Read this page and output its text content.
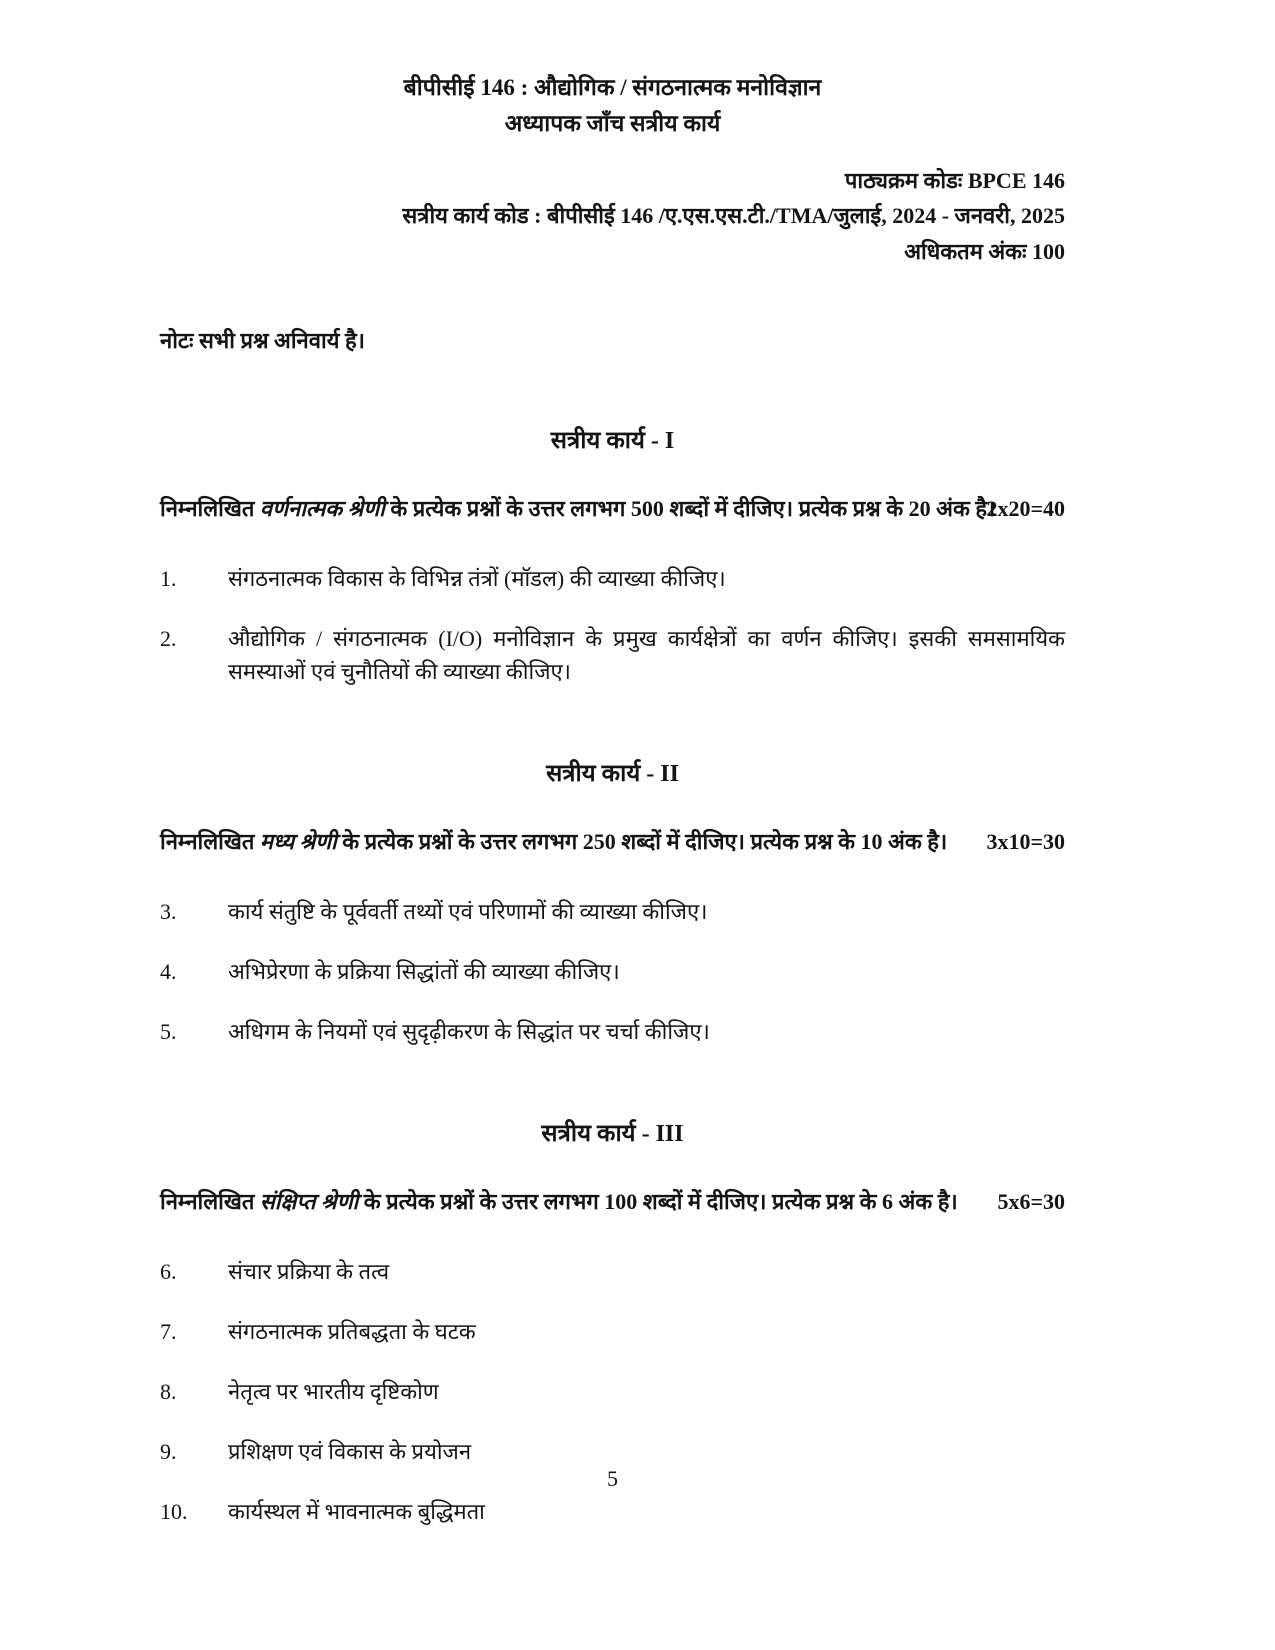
बीपीसीई 146 : औद्योगिक / संगठनात्मक मनोविज्ञान
अध्यापक जाँच सत्रीय कार्य
पाठ्यक्रम कोडः BPCE 146
सत्रीय कार्य कोड : बीपीसीई 146 /ए.एस.एस.टी./TMA/जुलाई, 2024 - जनवरी, 2025
अधिकतम अंकः 100
नोटः सभी प्रश्न अनिवार्य है।
सत्रीय कार्य - I

निम्नलिखित वर्णनात्मक श्रेणी के प्रत्येक प्रश्नों के उत्तर लगभग 500 शब्दों में दीजिए। प्रत्येक प्रश्न के 20 अंक है।
2x20=40

1.	संगठनात्मक विकास के विभिन्न तंत्रों (मॉडल) की व्याख्या कीजिए।
2.	औद्योगिक / संगठनात्मक (I/O) मनोविज्ञान के प्रमुख कार्यक्षेत्रों का वर्णन कीजिए। इसकी समसामयिक समस्याओं एवं चुनौतियों की व्याख्या कीजिए।
सत्रीय कार्य - II

निम्नलिखित मध्य श्रेणी के प्रत्येक प्रश्नों के उत्तर लगभग 250 शब्दों में दीजिए। प्रत्येक प्रश्न के 10 अंक है। 3x10=30

3.	कार्य संतुष्टि के पूर्ववर्ती तथ्यों एवं परिणामों की व्याख्या कीजिए।
4.	अभिप्रेरणा के प्रक्रिया सिद्धांतों की व्याख्या कीजिए।
5.	अधिगम के नियमों एवं सुदृढ़ीकरण के सिद्धांत पर चर्चा कीजिए।
सत्रीय कार्य - III

निम्नलिखित संक्षिप्त श्रेणी के प्रत्येक प्रश्नों के उत्तर लगभग 100 शब्दों में दीजिए। प्रत्येक प्रश्न के 6 अंक है। 5x6=30

6.	संचार प्रक्रिया के तत्व
7.	संगठनात्मक प्रतिबद्धता के घटक
8.	नेतृत्व पर भारतीय दृष्टिकोण
9.	प्रशिक्षण एवं विकास के प्रयोजन
10.	कार्यस्थल में भावनात्मक बुद्धिमता
5
